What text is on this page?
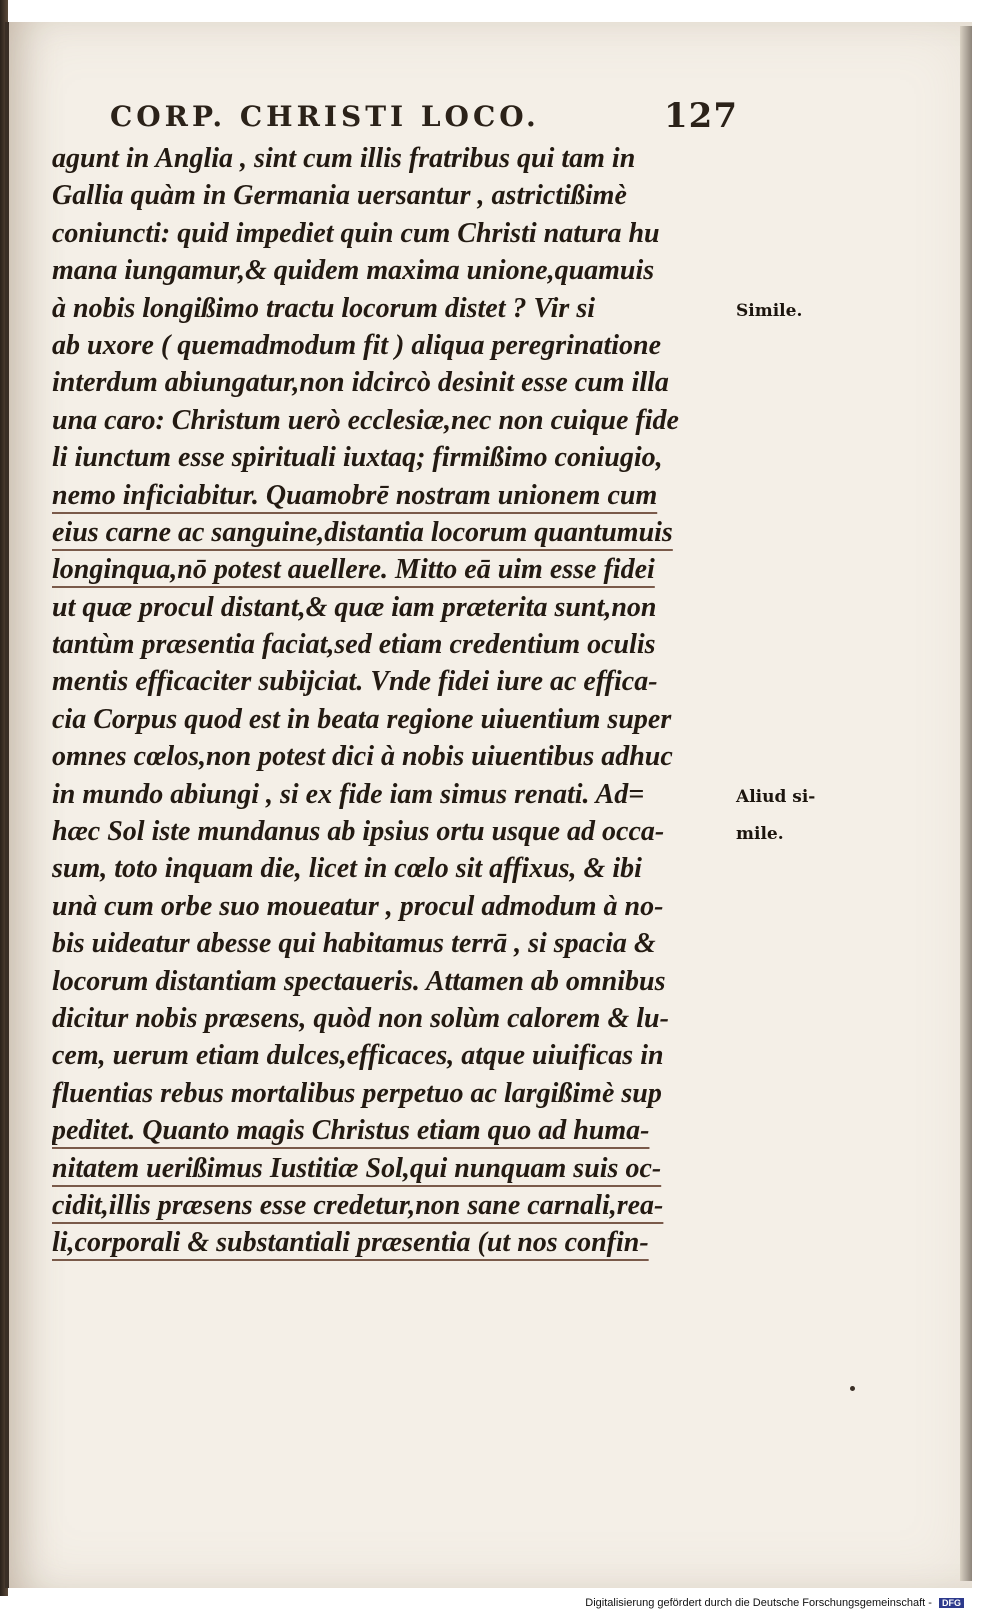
CORP. CHRISTI LOCO.	127
agunt in Anglia , sint cum illis fratribus qui tam in
Gallia quàm in Germania uersantur , astrictißimè
coniuncti: quid impediet quin cum Christi natura hu
mana iungamur,& quidem maxima unione,quamuis
à nobis longißimo tractu locorum distet ? Vir si
ab uxore ( quemadmodum fit ) aliqua peregrinatione
interdum abiungatur,non idcircò desinit esse cum illa
una caro: Christum uerò ecclesiæ,nec non cuique fide
li iunctum esse spirituali iuxtaq; firmißimo coniugio,
nemo inficiabitur. Quamobrē nostram unionem cum
eius carne ac sanguine,distantia locorum quantumuis
longinqua,nō potest auellere. Mitto eā uim esse fidei
ut quæ procul distant,& quæ iam præterita sunt,non
tantùm præsentia faciat,sed etiam credentium oculis
mentis efficaciter subijciat. Vnde fidei iure ac effica-
cia Corpus quod est in beata regione uiuentium super
omnes cœlos,non potest dici à nobis uiuentibus adhuc
in mundo abiungi , si ex fide iam simus renati. Ad=
hæc Sol iste mundanus ab ipsius ortu usque ad occa-
sum, toto inquam die, licet in cœlo sit affixus, & ibi
unà cum orbe suo moueatur , procul admodum à no-
bis uideatur abesse qui habitamus terrā , si spacia &
locorum distantiam spectaueris. Attamen ab omnibus
dicitur nobis præsens, quòd non solùm calorem & lu-
cem, uerum etiam dulces,efficaces, atque uiuificas in
fluentias rebus mortalibus perpetuo ac largißimè sup
peditet. Quanto magis Christus etiam quo ad huma-
nitatem uerißimus Iustitiæ Sol,qui nunquam suis oc-
cidit,illis præsens esse credetur,non sane carnali,rea-
li,corporali & substantiali præsentia (ut nos confin-
Simile.
Aliud si-
mile.
Digitalisierung gefördert durch die Deutsche Forschungsgemeinschaft - DFG
